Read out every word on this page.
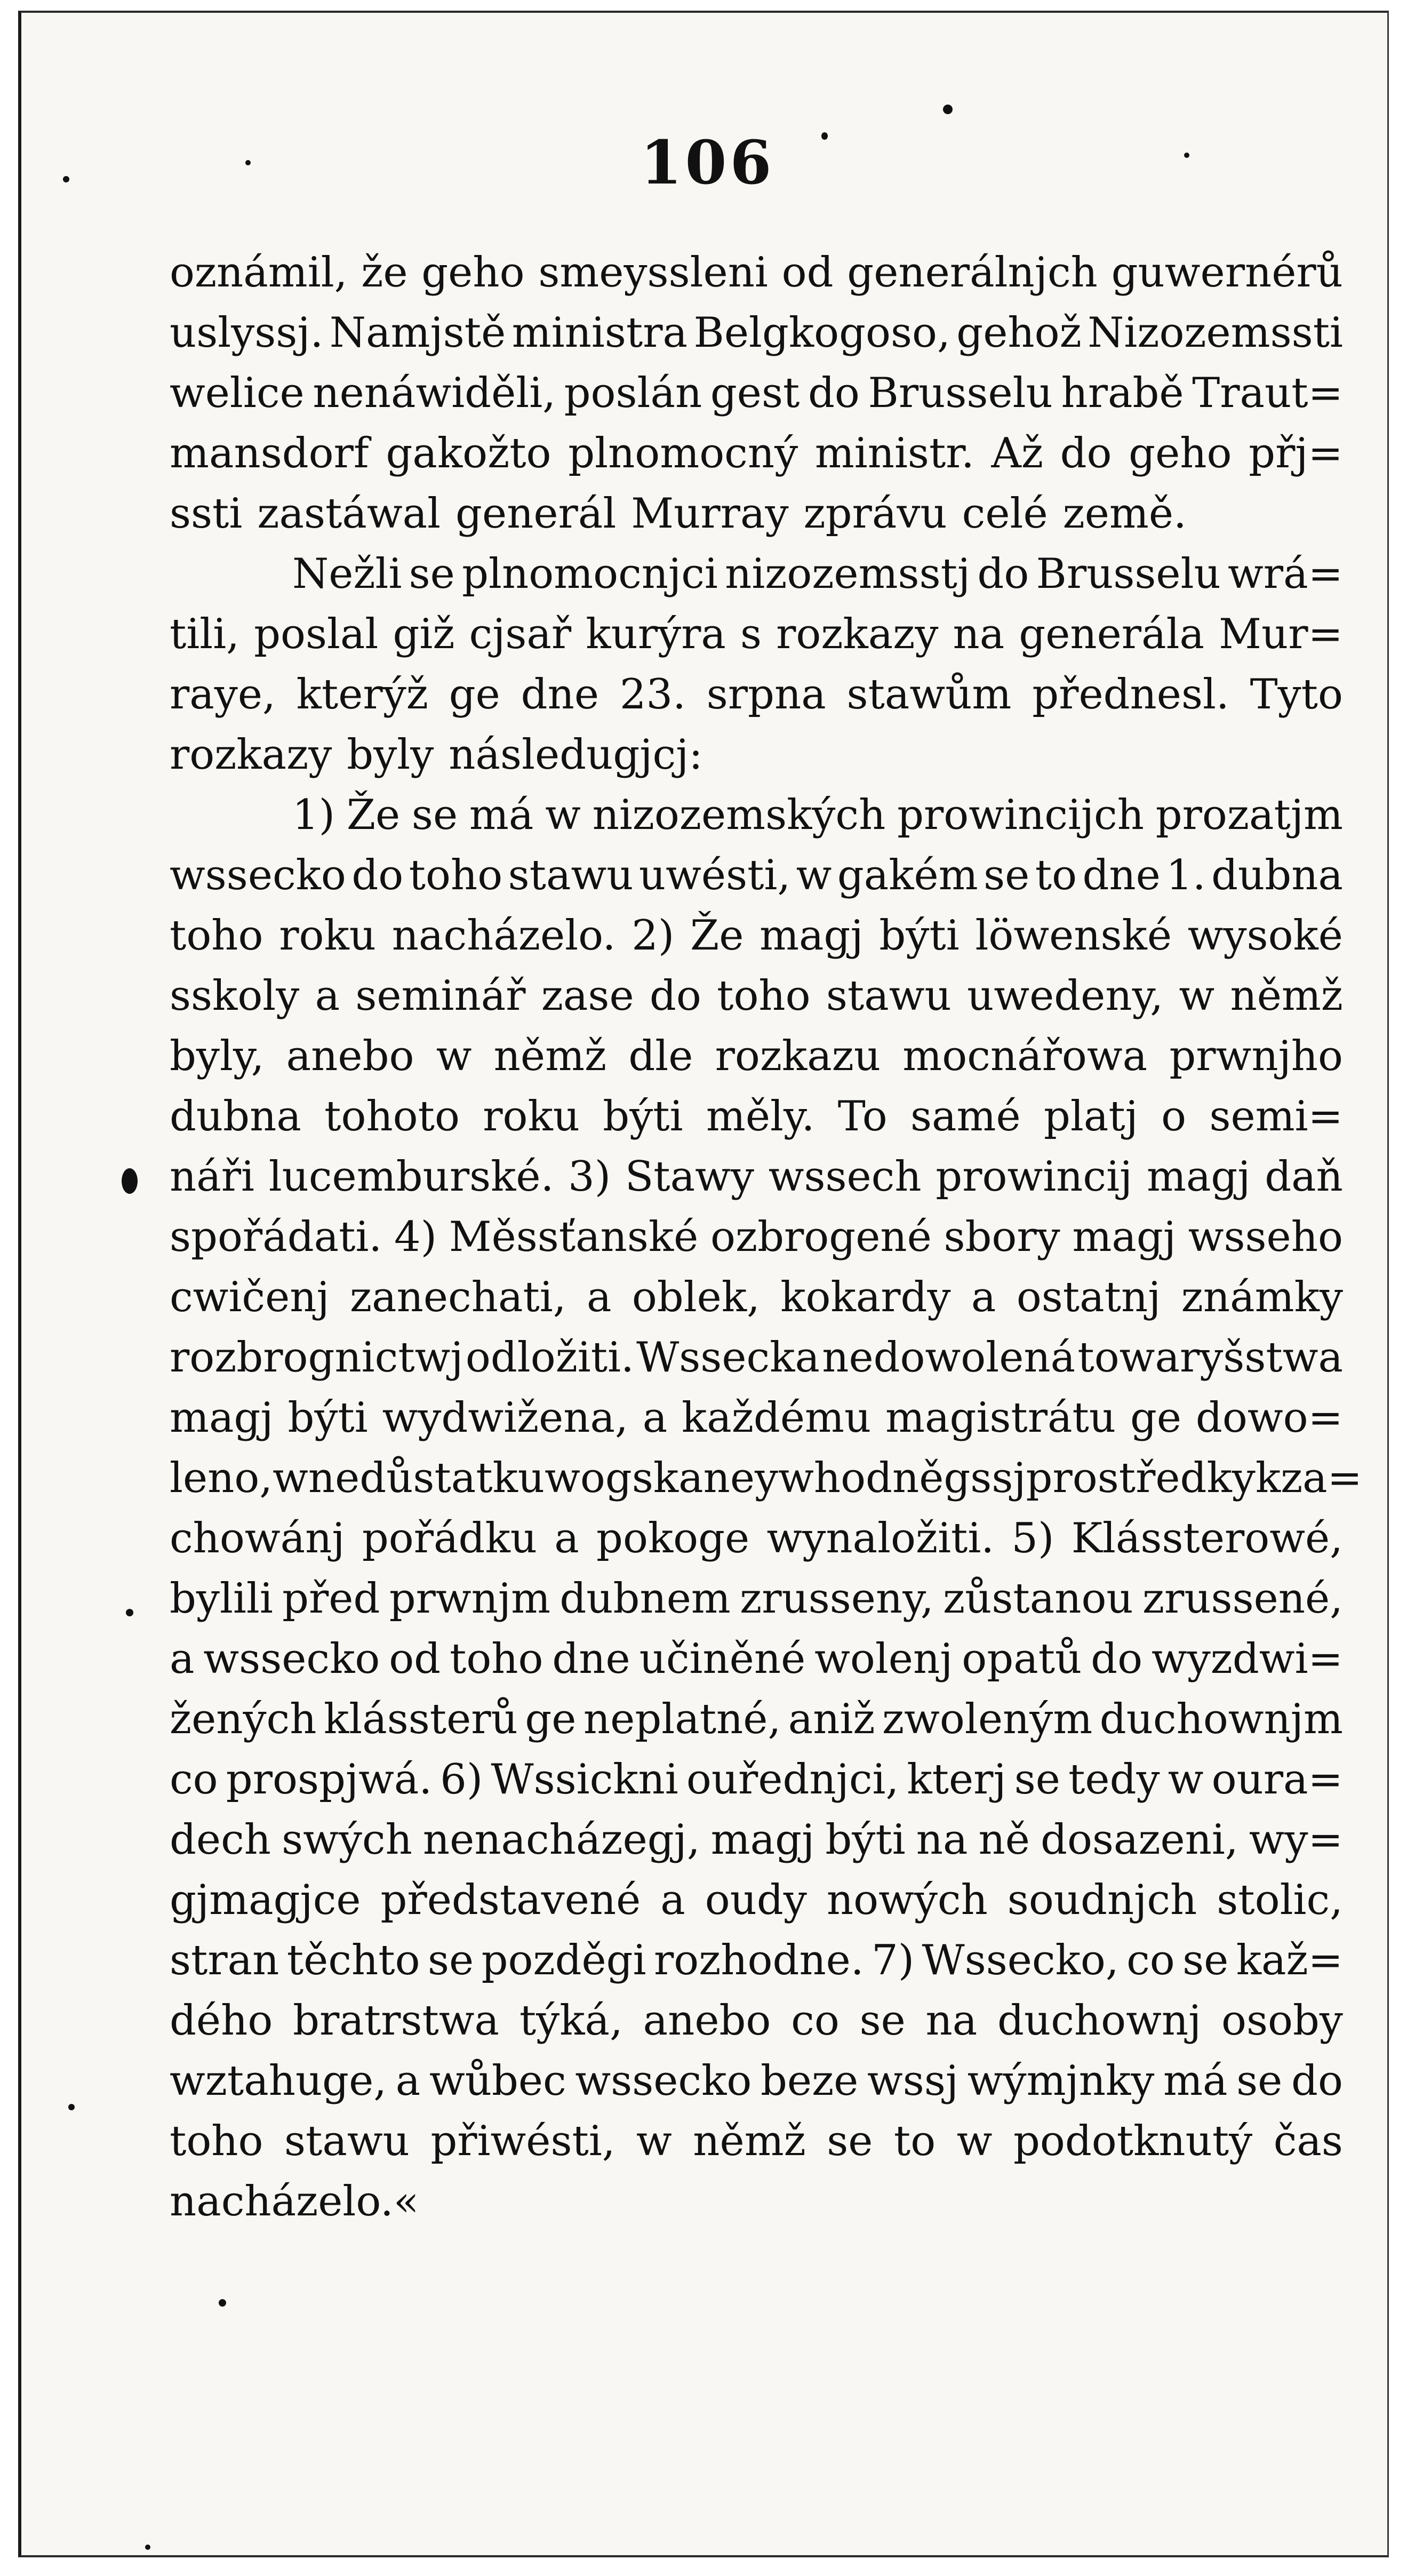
106
oznámil, že geho smeyssleni od generálnjch guwernérů
uslyssj. Namjstě ministra Belgkogoso, gehož Nizozemssti
welice nenáwiděli, poslán gest do Brusselu hrabě Traut=
mansdorf gakožto plnomocný ministr. Až do geho přj=
ssti zastáwal generál Murray zprávu celé země.
Nežli se plnomocnjci nizozemsstj do Brusselu wrá=
tili, poslal giž cjsař kurýra s rozkazy na generála Mur=
raye, kterýž ge dne 23. srpna stawům přednesl. Tyto
rozkazy byly následugjcj:
1) Že se má w nizozemských prowincijch prozatjm
wssecko do toho stawu uwésti, w gakém se to dne 1. dubna
toho roku nacházelo. 2) Že magj býti löwenské wysoké
sskoly a seminář zase do toho stawu uwedeny, w němž
byly, anebo w němž dle rozkazu mocnářowa prwnjho
dubna tohoto roku býti měly. To samé platj o semi=
náři lucemburské. 3) Stawy wssech prowincij magj daň
spořádati. 4) Měssťanské ozbrogené sbory magj wsseho
cwičenj zanechati, a oblek, kokardy a ostatnj známky
rozbrognictwj odložiti. Wssecka nedowolená towaryšstwa
magj býti wydwižena, a každému magistrátu ge dowo=
leno, w nedůstatku wogska neywhodněgssj prostředky k za=
chowánj pořádku a pokoge wynaložiti. 5) Klássterowé,
bylili před prwnjm dubnem zrusseny, zůstanou zrussené,
a wssecko od toho dne učiněné wolenj opatů do wyzdwi=
žených klássterů ge neplatné, aniž zwoleným duchownjm
co prospjwá. 6) Wssickni ouřednjci, kterj se tedy w oura=
dech swých nenacházegj, magj býti na ně dosazeni, wy=
gjmagjce představené a oudy nowých soudnjch stolic,
stran těchto se pozděgi rozhodne. 7) Wssecko, co se kaž=
dého bratrstwa týká, anebo co se na duchownj osoby
wztahuge, a wůbec wssecko beze wssj wýmjnky má se do
toho stawu přiwésti, w němž se to w podotknutý čas
nacházelo.«
